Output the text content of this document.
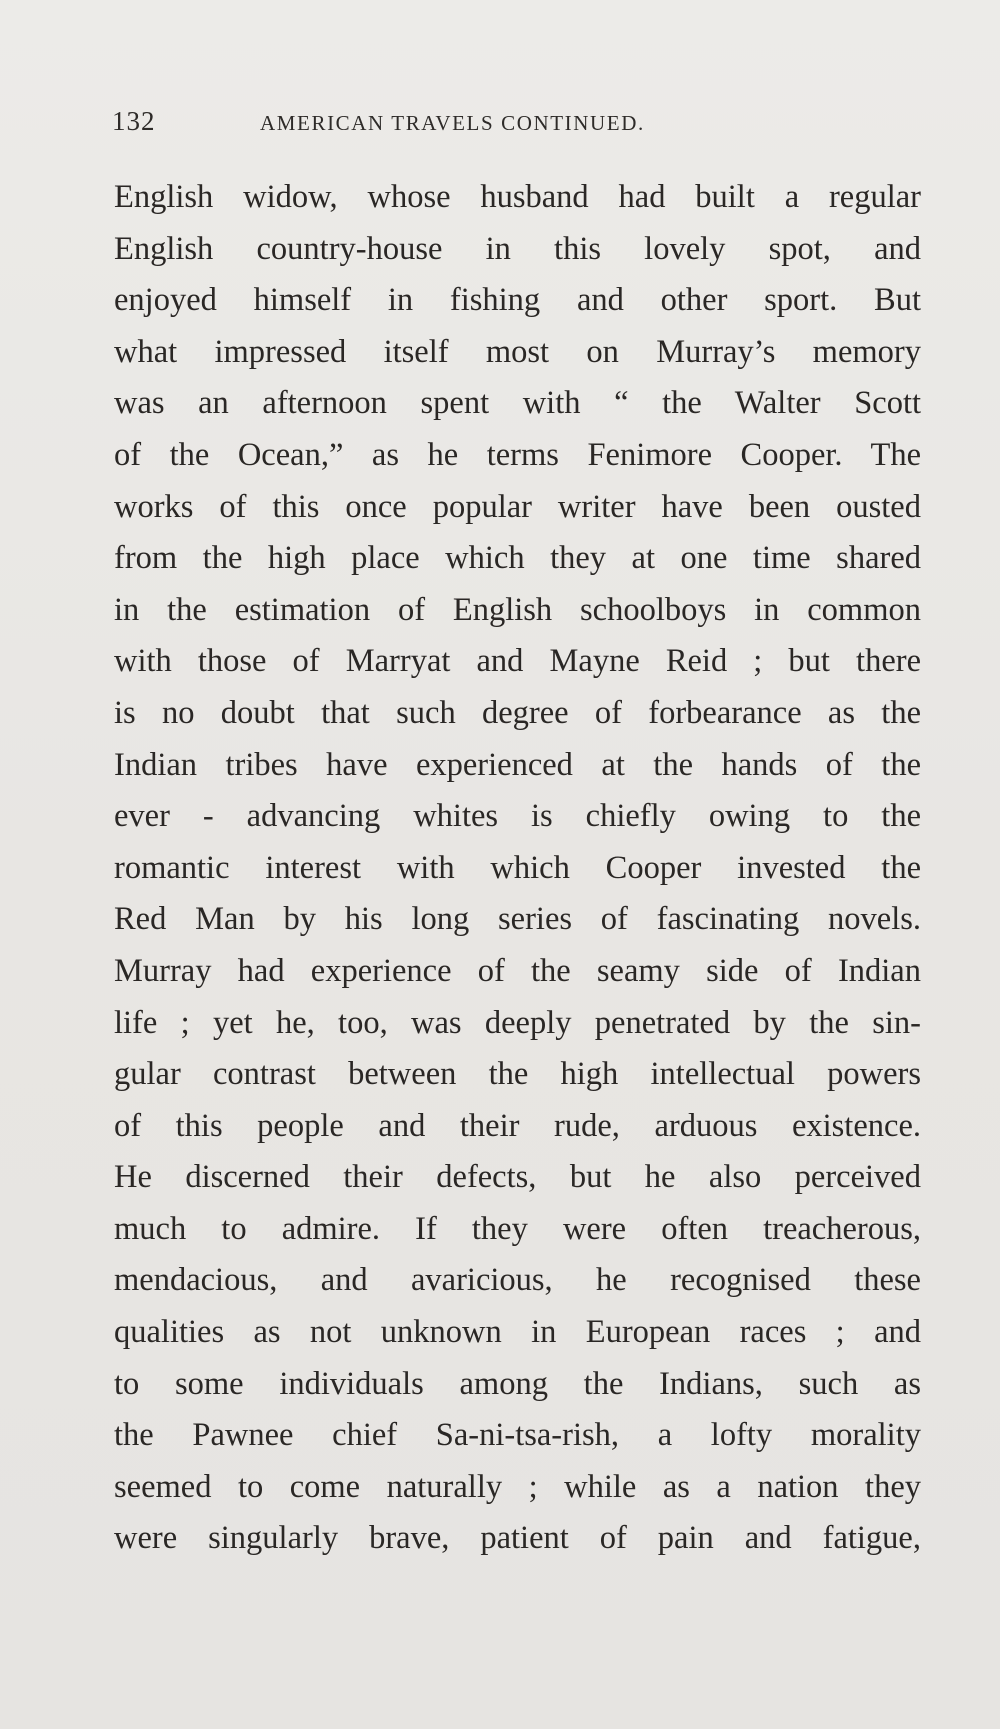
132	AMERICAN TRAVELS CONTINUED.
English widow, whose husband had built a regular
English country-house in this lovely spot, and
enjoyed himself in fishing and other sport. But
what impressed itself most on Murray’s memory
was an afternoon spent with “ the Walter Scott
of the Ocean,” as he terms Fenimore Cooper. The
works of this once popular writer have been ousted
from the high place which they at one time shared
in the estimation of English schoolboys in common
with those of Marryat and Mayne Reid ; but there
is no doubt that such degree of forbearance as the
Indian tribes have experienced at the hands of the
ever - advancing whites is chiefly owing to the
romantic interest with which Cooper invested the
Red Man by his long series of fascinating novels.
Murray had experience of the seamy side of Indian
life ; yet he, too, was deeply penetrated by the sin-
gular contrast between the high intellectual powers
of this people and their rude, arduous existence.
He discerned their defects, but he also perceived
much to admire. If they were often treacherous,
mendacious, and avaricious, he recognised these
qualities as not unknown in European races ; and
to some individuals among the Indians, such as
the Pawnee chief Sa-ni-tsa-rish, a lofty morality
seemed to come naturally ; while as a nation they
were singularly brave, patient of pain and fatigue,
